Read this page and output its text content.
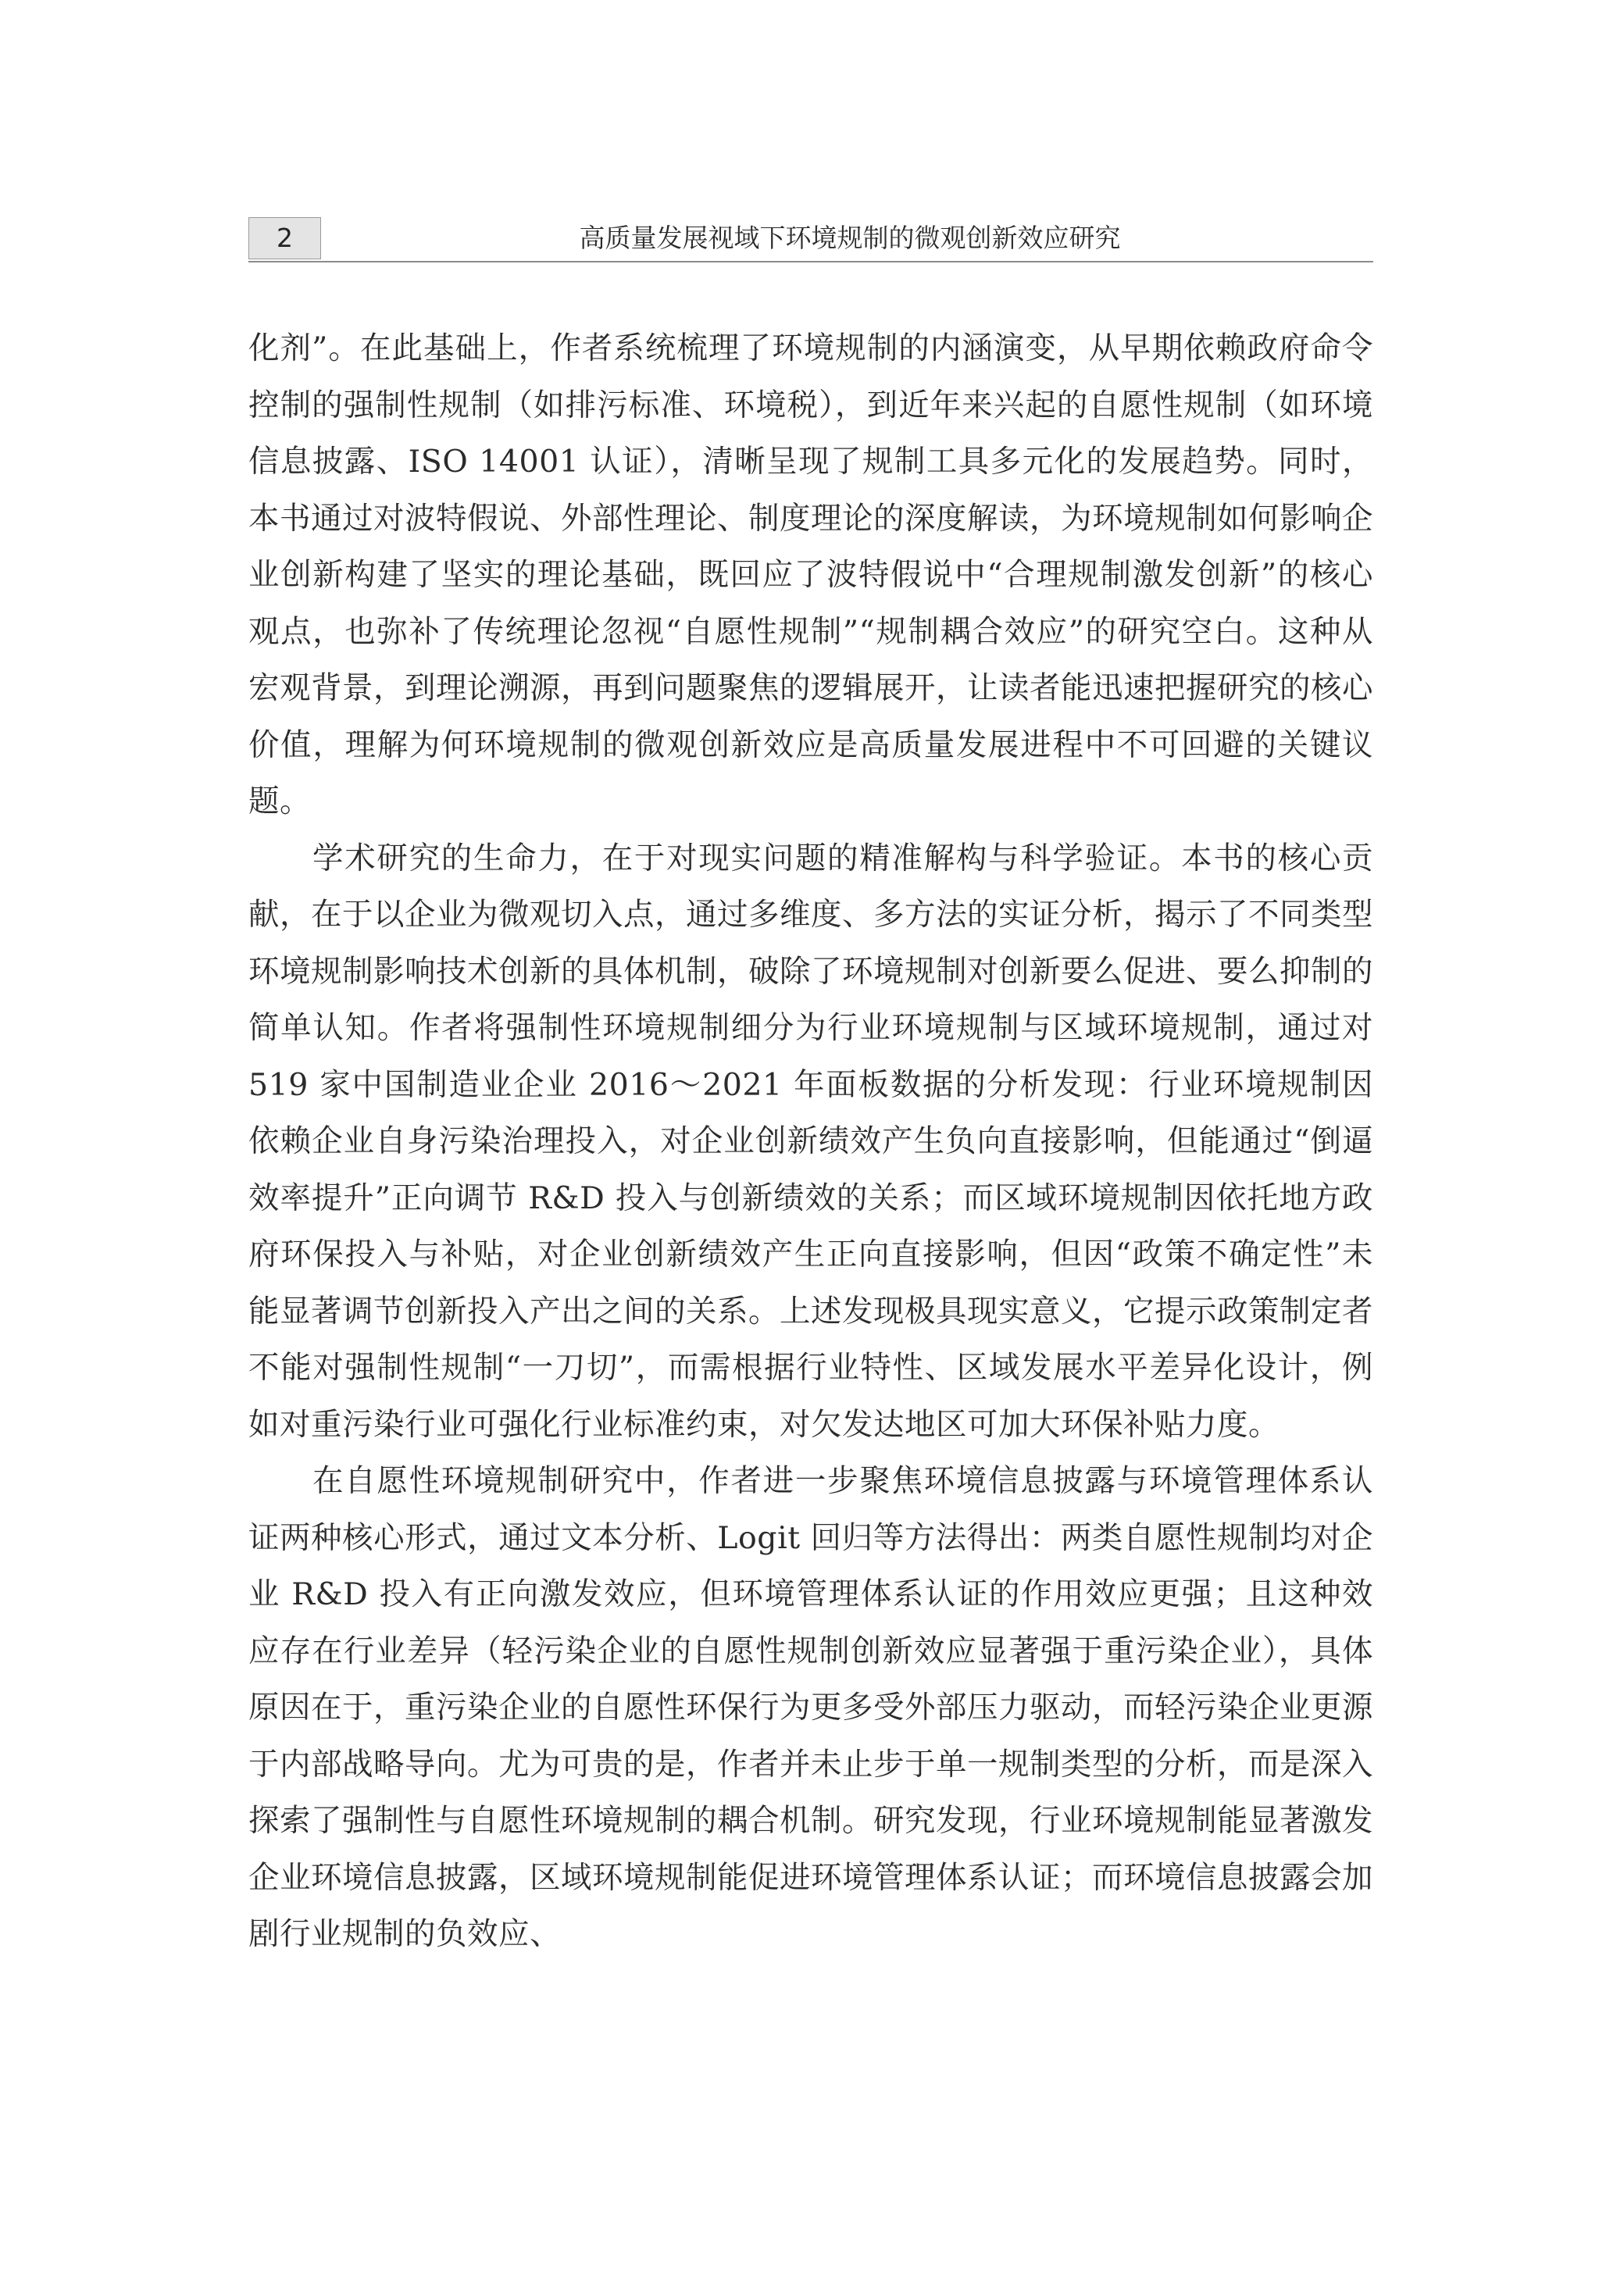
2	高质量发展视域下环境规制的微观创新效应研究

化剂”。在此基础上，作者系统梳理了环境规制的内涵演变，从早期依赖政府命令控制的强制性规制（如排污标准、环境税），到近年来兴起的自愿性规制（如环境信息披露、ISO 14001 认证），清晰呈现了规制工具多元化的发展趋势。同时，本书通过对波特假说、外部性理论、制度理论的深度解读，为环境规制如何影响企业创新构建了坚实的理论基础，既回应了波特假说中“合理规制激发创新”的核心观点，也弥补了传统理论忽视“自愿性规制”“规制耦合效应”的研究空白。这种从宏观背景，到理论溯源，再到问题聚焦的逻辑展开，让读者能迅速把握研究的核心价值，理解为何环境规制的微观创新效应是高质量发展进程中不可回避的关键议题。

学术研究的生命力，在于对现实问题的精准解构与科学验证。本书的核心贡献，在于以企业为微观切入点，通过多维度、多方法的实证分析，揭示了不同类型环境规制影响技术创新的具体机制，破除了环境规制对创新要么促进、要么抑制的简单认知。作者将强制性环境规制细分为行业环境规制与区域环境规制，通过对 519 家中国制造业企业 2016～2021 年面板数据的分析发现：行业环境规制因依赖企业自身污染治理投入，对企业创新绩效产生负向直接影响，但能通过“倒逼效率提升”正向调节 R&D 投入与创新绩效的关系；而区域环境规制因依托地方政府环保投入与补贴，对企业创新绩效产生正向直接影响，但因“政策不确定性”未能显著调节创新投入产出之间的关系。上述发现极具现实意义，它提示政策制定者不能对强制性规制“一刀切”，而需根据行业特性、区域发展水平差异化设计，例如对重污染行业可强化行业标准约束，对欠发达地区可加大环保补贴力度。

在自愿性环境规制研究中，作者进一步聚焦环境信息披露与环境管理体系认证两种核心形式，通过文本分析、Logit 回归等方法得出：两类自愿性规制均对企业 R&D 投入有正向激发效应，但环境管理体系认证的作用效应更强；且这种效应存在行业差异（轻污染企业的自愿性规制创新效应显著强于重污染企业），具体原因在于，重污染企业的自愿性环保行为更多受外部压力驱动，而轻污染企业更源于内部战略导向。尤为可贵的是，作者并未止步于单一规制类型的分析，而是深入探索了强制性与自愿性环境规制的耦合机制。研究发现，行业环境规制能显著激发企业环境信息披露，区域环境规制能促进环境管理体系认证；而环境信息披露会加剧行业规制的负效应、
